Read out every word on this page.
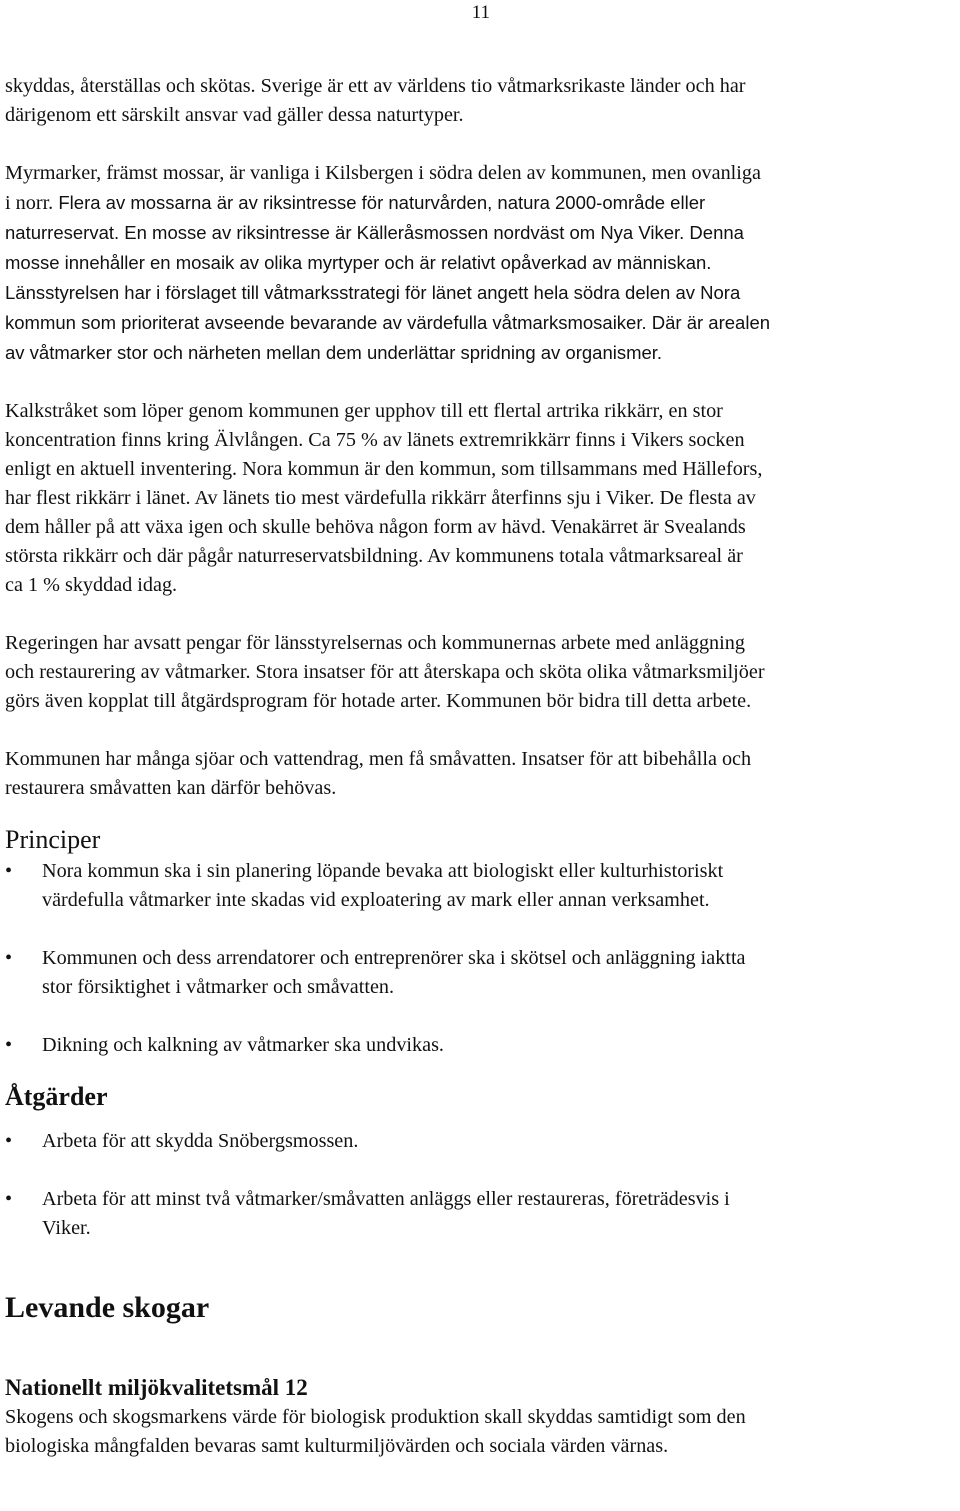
11

skyddas, återställas och skötas. Sverige är ett av världens tio våtmarksrikaste länder och har
därigenom ett särskilt ansvar vad gäller dessa naturtyper.

Myrmarker, främst mossar, är vanliga i Kilsbergen i södra delen av kommunen, men ovanliga
i norr. Flera av mossarna är av riksintresse för naturvården, natura 2000-område eller
naturreservat. En mosse av riksintresse är Källeråsmossen nordväst om Nya Viker. Denna
mosse innehåller en mosaik av olika myrtyper och är relativt opåverkad av människan.
Länsstyrelsen har i förslaget till våtmarksstrategi för länet angett hela södra delen av Nora
kommun som prioriterat avseende bevarande av värdefulla våtmarksmosaiker. Där är arealen
av våtmarker stor och närheten mellan dem underlättar spridning av organismer.

Kalkstråket som löper genom kommunen ger upphov till ett flertal artrika rikkärr, en stor
koncentration finns kring Älvlången. Ca 75 % av länets extremrikkärr finns i Vikers socken
enligt en aktuell inventering. Nora kommun är den kommun, som tillsammans med Hällefors,
har flest rikkärr i länet. Av länets tio mest värdefulla rikkärr återfinns sju i Viker. De flesta av
dem håller på att växa igen och skulle behöva någon form av hävd. Venakärret är Svealands
största rikkärr och där pågår naturreservatsbildning. Av kommunens totala våtmarksareal är
ca 1 % skyddad idag.

Regeringen har avsatt pengar för länsstyrelsernas och kommunernas arbete med anläggning
och restaurering av våtmarker. Stora insatser för att återskapa och sköta olika våtmarksmiljöer
görs även kopplat till åtgärdsprogram för hotade arter. Kommunen bör bidra till detta arbete.

Kommunen har många sjöar och vattendrag, men få småvatten. Insatser för att bibehålla och
restaurera småvatten kan därför behövas.

Principer
•	Nora kommun ska i sin planering löpande bevaka att biologiskt eller kulturhistoriskt
värdefulla våtmarker inte skadas vid exploatering av mark eller annan verksamhet.
•	Kommunen och dess arrendatorer och entreprenörer ska i skötsel och anläggning iaktta
stor försiktighet i våtmarker och småvatten.
•	Dikning och kalkning av våtmarker ska undvikas.
Åtgärder
•	Arbeta för att skydda Snöbergsmossen.
•	Arbeta för att minst två våtmarker/småvatten anläggs eller restaureras, företrädesvis i
Viker.
Levande skogar
Nationellt miljökvalitetsmål 12

Skogens och skogsmarkens värde för biologisk produktion skall skyddas samtidigt som den
biologiska mångfalden bevaras samt kulturmiljövärden och sociala värden värnas.
